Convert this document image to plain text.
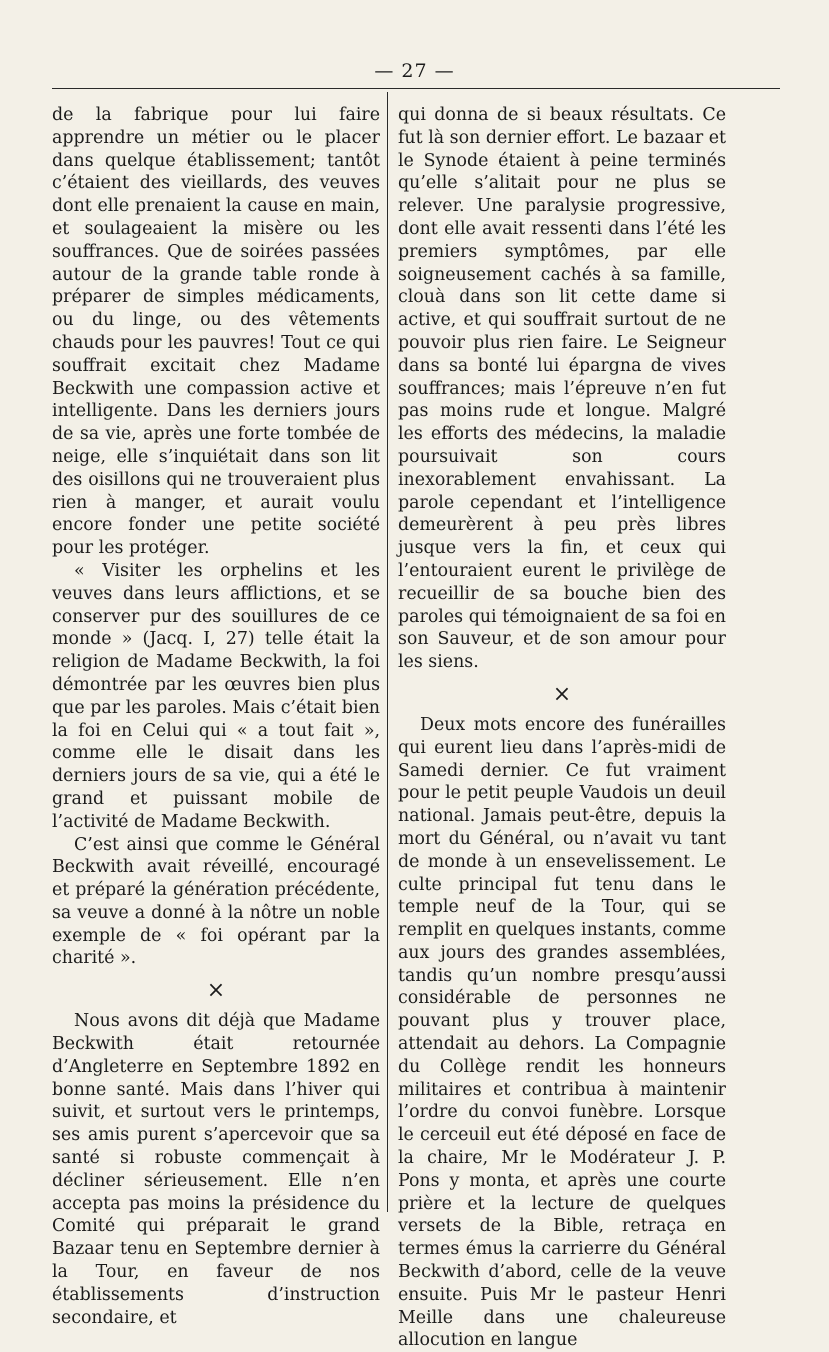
— 27 —

de la fabrique pour lui faire apprendre un métier ou le placer dans quelque établissement; tantôt c’étaient des vieillards, des veuves dont elle prenaient la cause en main, et soulageaient la misère ou les souffrances. Que de soirées passées autour de la grande table ronde à préparer de simples médicaments, ou du linge, ou des vêtements chauds pour les pauvres! Tout ce qui souffrait excitait chez Madame Beckwith une compassion active et intelligente. Dans les derniers jours de sa vie, après une forte tombée de neige, elle s’inquiétait dans son lit des oisillons qui ne trouveraient plus rien à manger, et aurait voulu encore fonder une petite société pour les protéger.

« Visiter les orphelins et les veuves dans leurs afflictions, et se conserver pur des souillures de ce monde » (Jacq. I, 27) telle était la religion de Madame Beckwith, la foi démontrée par les œuvres bien plus que par les paroles. Mais c’était bien la foi en Celui qui « a tout fait », comme elle le disait dans les derniers jours de sa vie, qui a été le grand et puissant mobile de l’activité de Madame Beckwith.

C’est ainsi que comme le Général Beckwith avait réveillé, encouragé et préparé la génération précédente, sa veuve a donné à la nôtre un noble exemple de « foi opérant par la charité ».

×

Nous avons dit déjà que Madame Beckwith était retournée d’Angleterre en Septembre 1892 en bonne santé. Mais dans l’hiver qui suivit, et surtout vers le printemps, ses amis purent s’apercevoir que sa santé si robuste commençait à décliner sérieusement. Elle n’en accepta pas moins la présidence du Comité qui préparait le grand Bazaar tenu en Septembre dernier à la Tour, en faveur de nos établissements d’instruction secondaire, et

qui donna de si beaux résultats. Ce fut là son dernier effort. Le bazaar et le Synode étaient à peine terminés qu’elle s’alitait pour ne plus se relever. Une paralysie progressive, dont elle avait ressenti dans l’été les premiers symptômes, par elle soigneusement cachés à sa famille, clouà dans son lit cette dame si active, et qui souffrait surtout de ne pouvoir plus rien faire. Le Seigneur dans sa bonté lui épargna de vives souffrances; mais l’épreuve n’en fut pas moins rude et longue. Malgré les efforts des médecins, la maladie poursuivait son cours inexorablement envahissant. La parole cependant et l’intelligence demeurèrent à peu près libres jusque vers la fin, et ceux qui l’entouraient eurent le privilège de recueillir de sa bouche bien des paroles qui témoignaient de sa foi en son Sauveur, et de son amour pour les siens.

×

Deux mots encore des funérailles qui eurent lieu dans l’après-midi de Samedi dernier. Ce fut vraiment pour le petit peuple Vaudois un deuil national. Jamais peut-être, depuis la mort du Général, ou n’avait vu tant de monde à un ensevelissement. Le culte principal fut tenu dans le temple neuf de la Tour, qui se remplit en quelques instants, comme aux jours des grandes assemblées, tandis qu’un nombre presqu’aussi considérable de personnes ne pouvant plus y trouver place, attendait au dehors. La Compagnie du Collège rendit les honneurs militaires et contribua à maintenir l’ordre du convoi funèbre. Lorsque le cerceuil eut été déposé en face de la chaire, Mr le Modérateur J. P. Pons y monta, et après une courte prière et la lecture de quelques versets de la Bible, retraça en termes émus la carrierre du Général Beckwith d’abord, celle de la veuve ensuite. Puis Mr le pasteur Henri Meille dans une chaleureuse allocution en langue
